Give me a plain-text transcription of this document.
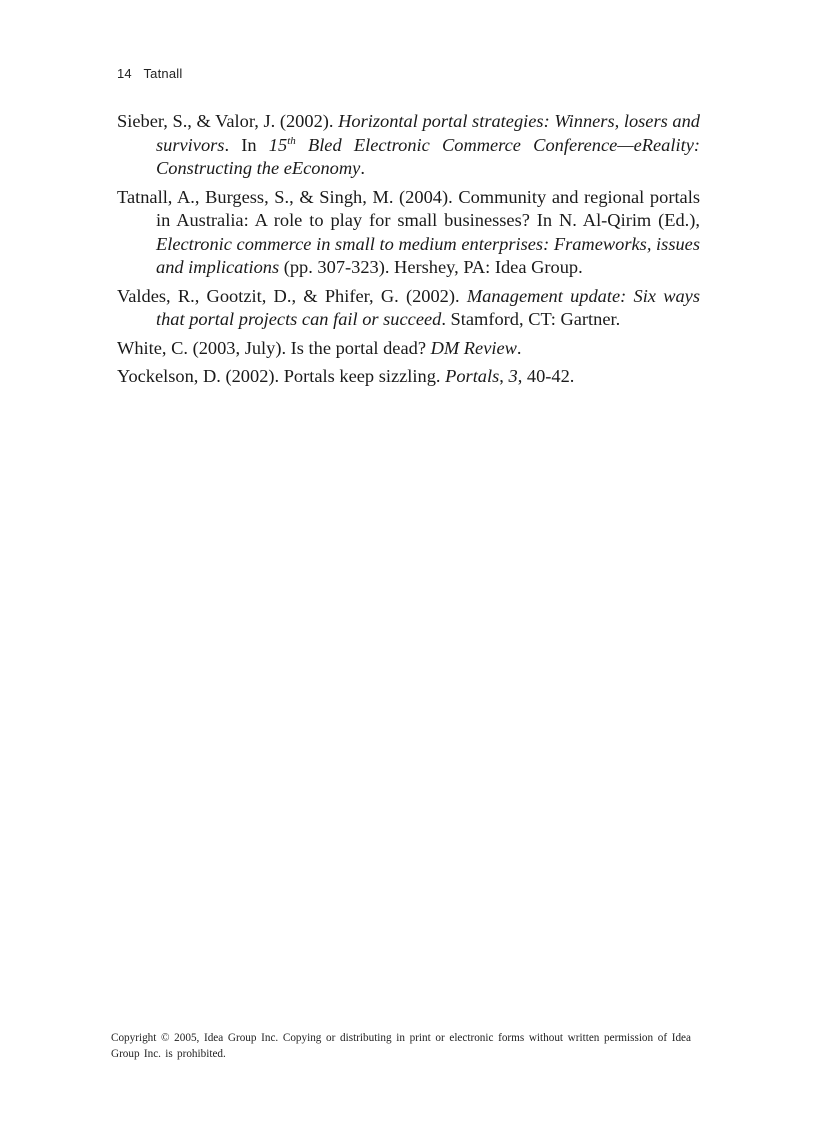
14 Tatnall

Sieber, S., & Valor, J. (2002). Horizontal portal strategies: Winners, losers and survivors. In 15th Bled Electronic Commerce Conference—eReality: Constructing the eEconomy.

Tatnall, A., Burgess, S., & Singh, M. (2004). Community and regional portals in Australia: A role to play for small businesses? In N. Al-Qirim (Ed.), Electronic commerce in small to medium enterprises: Frameworks, issues and implications (pp. 307-323). Hershey, PA: Idea Group.

Valdes, R., Gootzit, D., & Phifer, G. (2002). Management update: Six ways that portal projects can fail or succeed. Stamford, CT: Gartner.

White, C. (2003, July). Is the portal dead? DM Review.

Yockelson, D. (2002). Portals keep sizzling. Portals, 3, 40-42.

Copyright © 2005, Idea Group Inc. Copying or distributing in print or electronic forms without written permission of Idea Group Inc. is prohibited.
